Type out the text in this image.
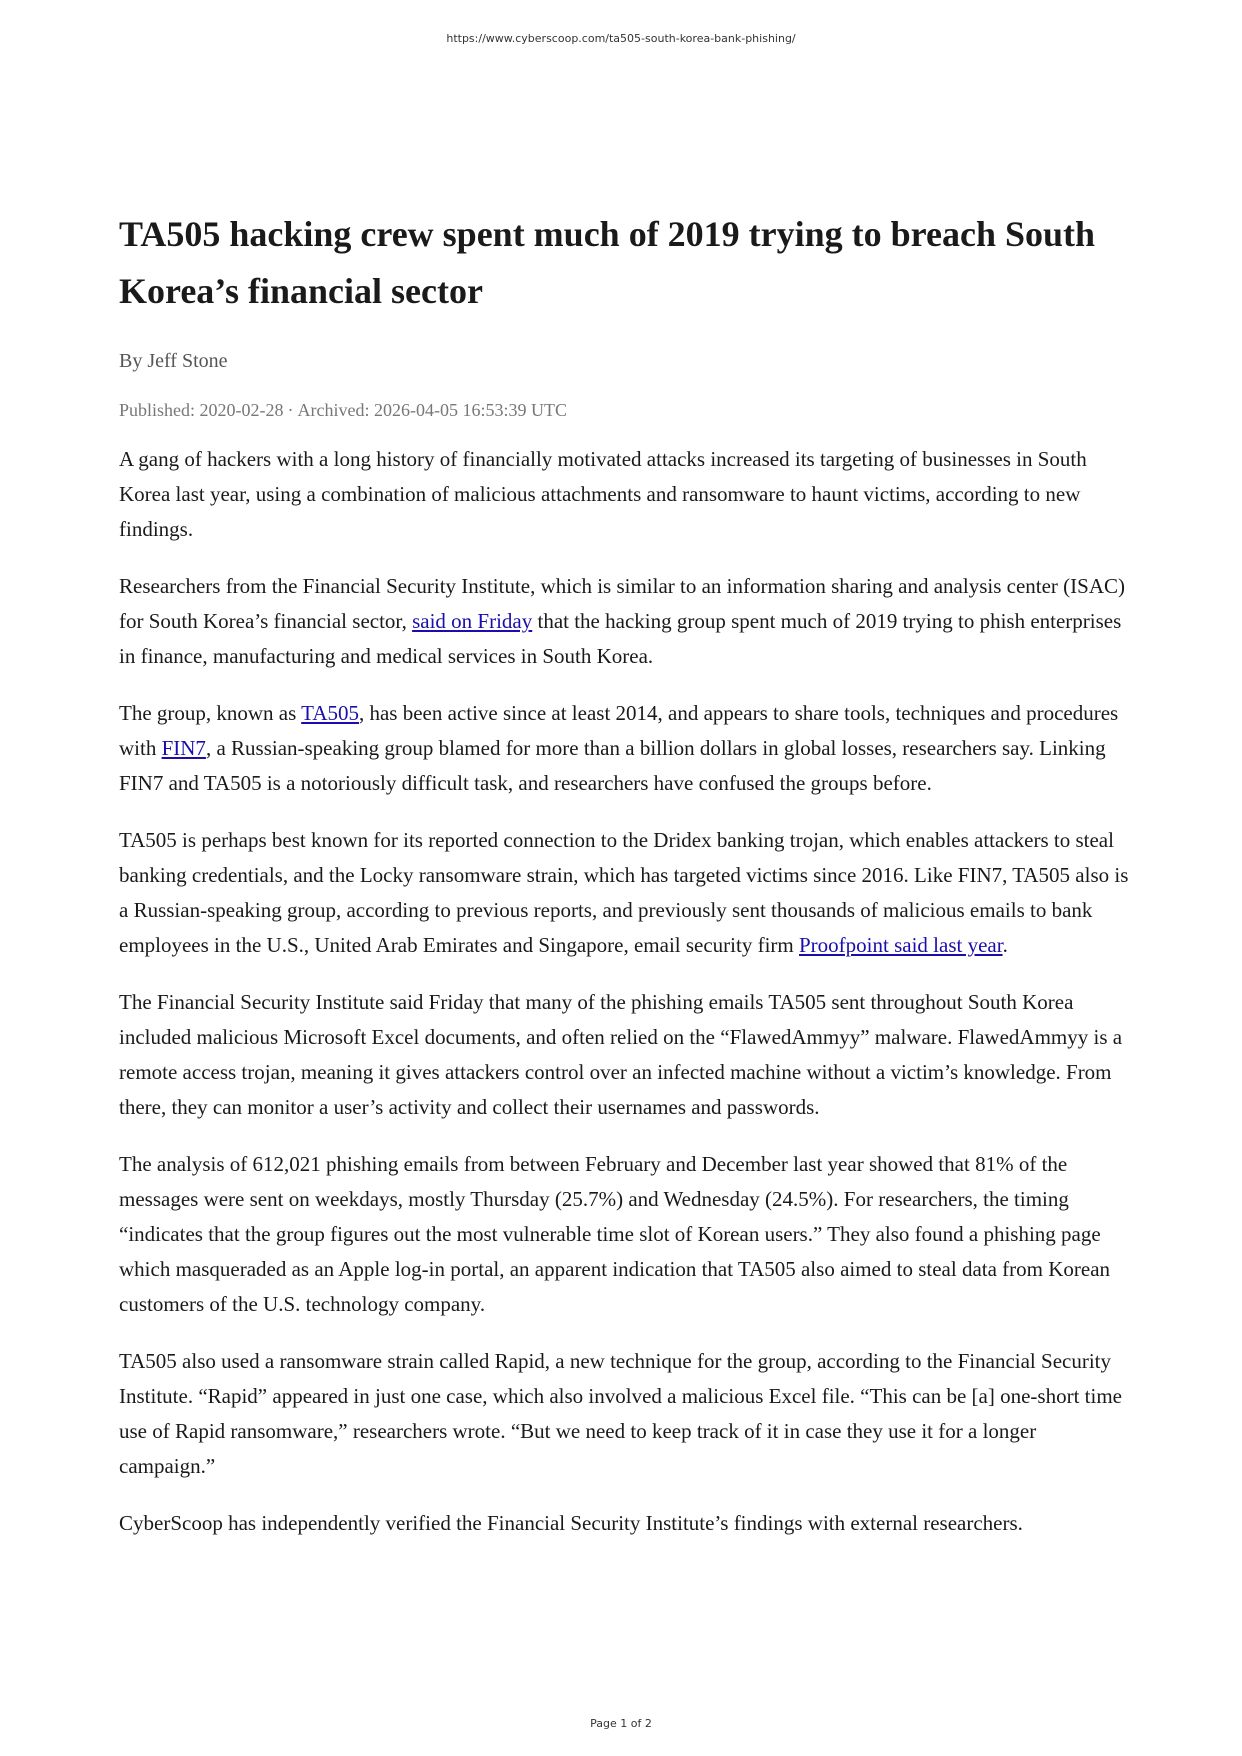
https://www.cyberscoop.com/ta505-south-korea-bank-phishing/
TA505 hacking crew spent much of 2019 trying to breach South Korea’s financial sector
By Jeff Stone
Published: 2020-02-28 · Archived: 2026-04-05 16:53:39 UTC

A gang of hackers with a long history of financially motivated attacks increased its targeting of businesses in South Korea last year, using a combination of malicious attachments and ransomware to haunt victims, according to new findings.

Researchers from the Financial Security Institute, which is similar to an information sharing and analysis center (ISAC) for South Korea’s financial sector, said on Friday that the hacking group spent much of 2019 trying to phish enterprises in finance, manufacturing and medical services in South Korea.

The group, known as TA505, has been active since at least 2014, and appears to share tools, techniques and procedures with FIN7, a Russian-speaking group blamed for more than a billion dollars in global losses, researchers say. Linking FIN7 and TA505 is a notoriously difficult task, and researchers have confused the groups before.

TA505 is perhaps best known for its reported connection to the Dridex banking trojan, which enables attackers to steal banking credentials, and the Locky ransomware strain, which has targeted victims since 2016. Like FIN7, TA505 also is a Russian-speaking group, according to previous reports, and previously sent thousands of malicious emails to bank employees in the U.S., United Arab Emirates and Singapore, email security firm Proofpoint said last year.

The Financial Security Institute said Friday that many of the phishing emails TA505 sent throughout South Korea included malicious Microsoft Excel documents, and often relied on the “FlawedAmmyy” malware. FlawedAmmyy is a remote access trojan, meaning it gives attackers control over an infected machine without a victim’s knowledge. From there, they can monitor a user’s activity and collect their usernames and passwords.

The analysis of 612,021 phishing emails from between February and December last year showed that 81% of the messages were sent on weekdays, mostly Thursday (25.7%) and Wednesday (24.5%). For researchers, the timing “indicates that the group figures out the most vulnerable time slot of Korean users.” They also found a phishing page which masqueraded as an Apple log-in portal, an apparent indication that TA505 also aimed to steal data from Korean customers of the U.S. technology company.

TA505 also used a ransomware strain called Rapid, a new technique for the group, according to the Financial Security Institute. “Rapid” appeared in just one case, which also involved a malicious Excel file. “This can be [a] one-short time use of Rapid ransomware,” researchers wrote. “But we need to keep track of it in case they use it for a longer campaign.”

CyberScoop has independently verified the Financial Security Institute’s findings with external researchers.

Page 1 of 2
